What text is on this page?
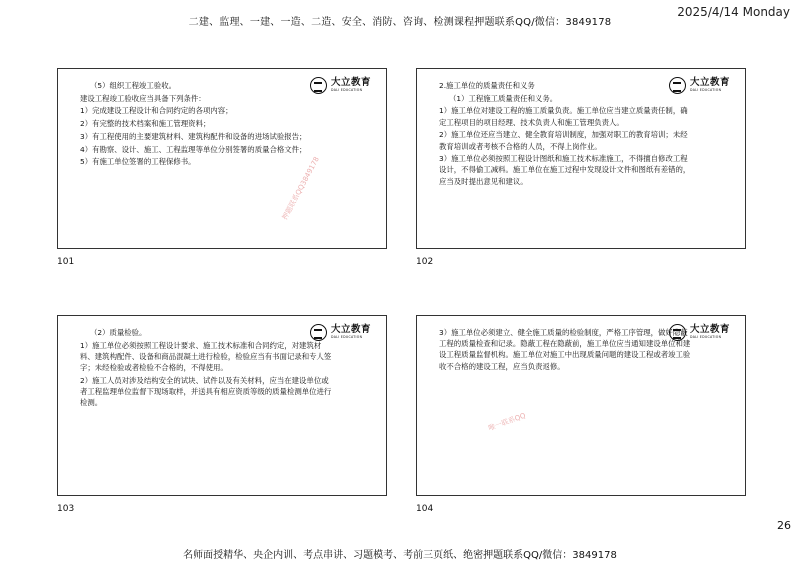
二建、监理、一建、一造、二造、安全、消防、咨询、检测课程押题联系QQ/微信：3849178
2025/4/14 Monday

（5）组织工程竣工验收。

建设工程竣工验收应当具备下列条件：

1）完成建设工程设计和合同约定的各项内容；

2）有完整的技术档案和施工管理资料；

3）有工程使用的主要建筑材料、建筑构配件和设备的进场试验报告；

4）有勘察、设计、施工、工程监理等单位分别签署的质量合格文件；

5）有施工单位签署的工程保修书。

大立教育
DALI EDUCATION
押题联系QQ3849178
101

2.施工单位的质量责任和义务

（1）工程施工质量责任和义务。

1）施工单位对建设工程的施工质量负责。施工单位应当建立质量责任制，确定工程项目的项目经理、技术负责人和施工管理负责人。

2）施工单位还应当建立、健全教育培训制度，加强对职工的教育培训；未经教育培训或者考核不合格的人员，不得上岗作业。

3）施工单位必须按照工程设计图纸和施工技术标准施工，不得擅自修改工程设计，不得偷工减料。施工单位在施工过程中发现设计文件和图纸有差错的，应当及时提出意见和建议。

大立教育
DALI EDUCATION
102

（2）质量检验。

1）施工单位必须按照工程设计要求、施工技术标准和合同约定，对建筑材料、建筑构配件、设备和商品混凝土进行检验，检验应当有书面记录和专人签字；未经检验或者检验不合格的，不得使用。

2）施工人员对涉及结构安全的试块、试件以及有关材料，应当在建设单位或者工程监理单位监督下现场取样，并送具有相应资质等级的质量检测单位进行检测。

大立教育
DALI EDUCATION
103

3）施工单位必须建立、健全施工质量的检验制度，严格工序管理，做好隐蔽工程的质量检查和记录。隐蔽工程在隐蔽前，施工单位应当通知建设单位和建设工程质量监督机构。施工单位对施工中出现质量问题的建设工程或者竣工验收不合格的建设工程，应当负责返修。

大立教育
DALI EDUCATION
唯一联系QQ
104
26
名师面授精华、央企内训、考点串讲、习题模考、考前三页纸、绝密押题联系QQ/微信：3849178
